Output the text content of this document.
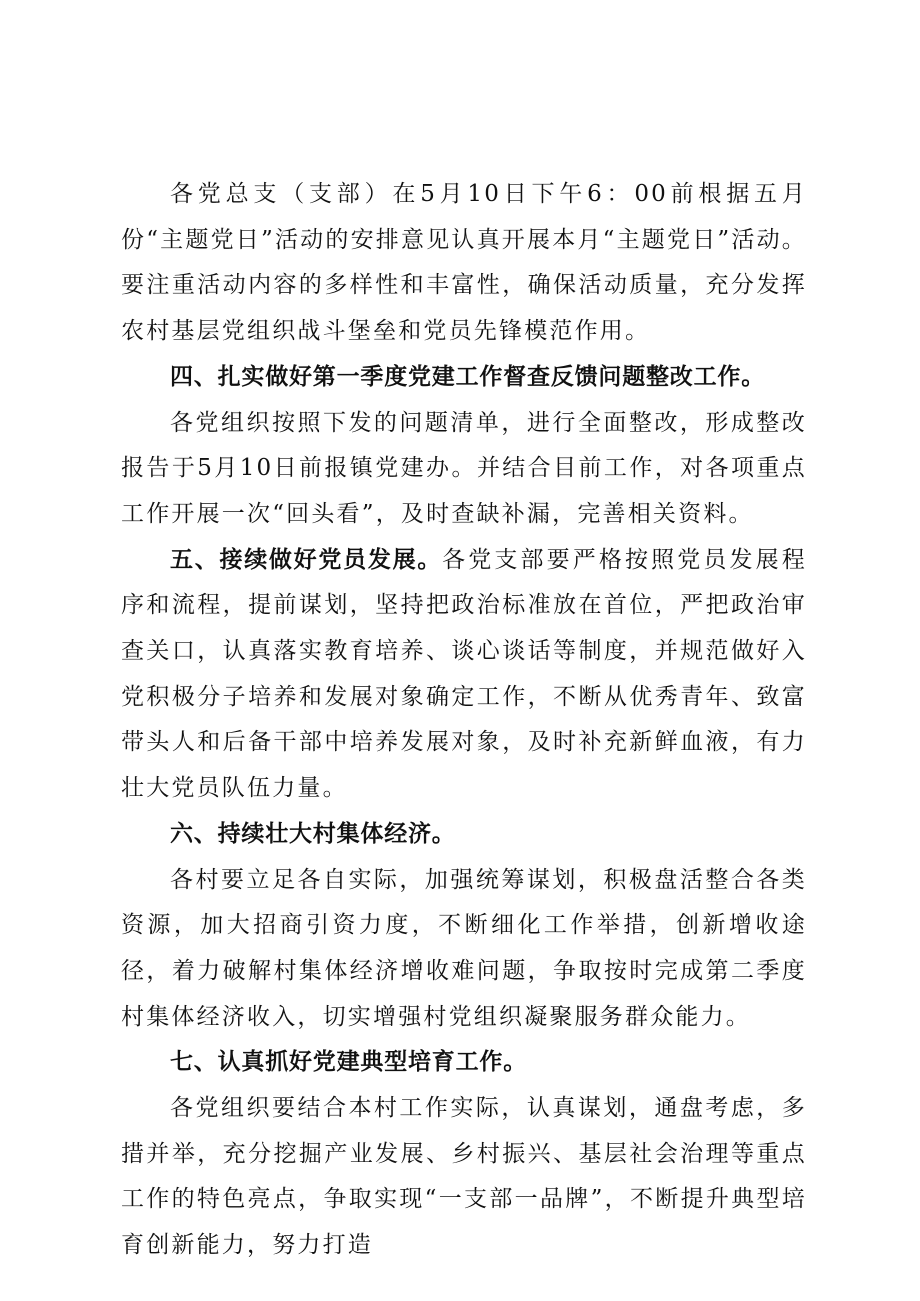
各党总支（支部）在5月10日下午6：00前根据五月份“主题党日”活动的安排意见认真开展本月“主题党日”活动。要注重活动内容的多样性和丰富性，确保活动质量，充分发挥农村基层党组织战斗堡垒和党员先锋模范作用。

四、扎实做好第一季度党建工作督查反馈问题整改工作。

各党组织按照下发的问题清单，进行全面整改，形成整改报告于5月10日前报镇党建办。并结合目前工作，对各项重点工作开展一次“回头看”，及时查缺补漏，完善相关资料。

五、接续做好党员发展。各党支部要严格按照党员发展程序和流程，提前谋划，坚持把政治标准放在首位，严把政治审查关口，认真落实教育培养、谈心谈话等制度，并规范做好入党积极分子培养和发展对象确定工作，不断从优秀青年、致富带头人和后备干部中培养发展对象，及时补充新鲜血液，有力壮大党员队伍力量。

六、持续壮大村集体经济。

各村要立足各自实际，加强统筹谋划，积极盘活整合各类资源，加大招商引资力度，不断细化工作举措，创新增收途径，着力破解村集体经济增收难问题，争取按时完成第二季度村集体经济收入，切实增强村党组织凝聚服务群众能力。

七、认真抓好党建典型培育工作。

各党组织要结合本村工作实际，认真谋划，通盘考虑，多措并举，充分挖掘产业发展、乡村振兴、基层社会治理等重点工作的特色亮点，争取实现“一支部一品牌”，不断提升典型培育创新能力，努力打造
